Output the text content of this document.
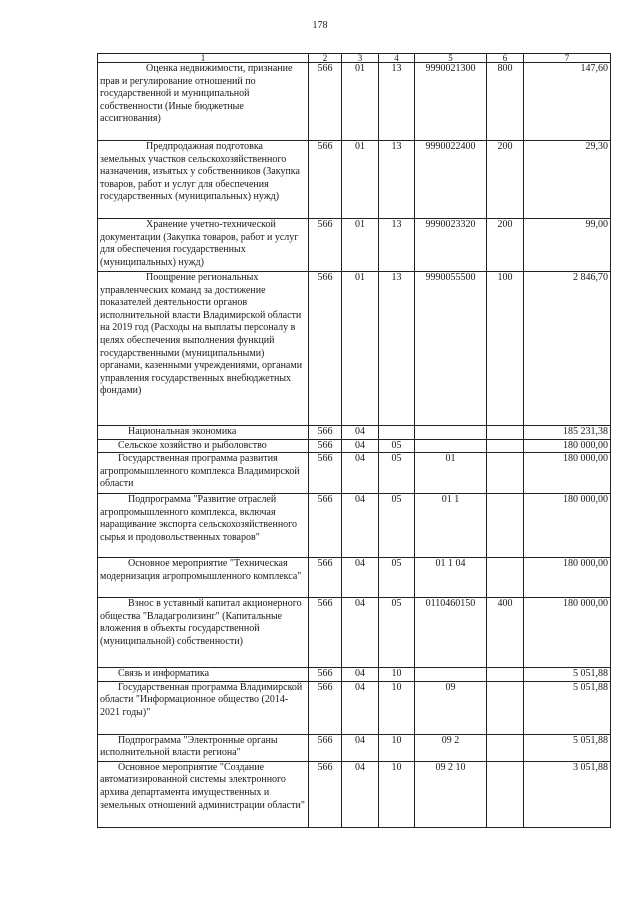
178
1	2	3	4	5	6	7
Оценка недвижимости, признание прав и регулирование отношений по государственной и муниципальной собственности (Иные бюджетные ассигнования)	566	01	13	9990021300	800	147,60
Предпродажная подготовка земельных участков сельскохозяйственного назначения, изъятых у собственников (Закупка товаров, работ и услуг для обеспечения государственных (муниципальных) нужд)	566	01	13	9990022400	200	29,30
Хранение учетно-технической документации (Закупка товаров, работ и услуг для обеспечения государственных (муниципальных) нужд)	566	01	13	9990023320	200	99,00
Поощрение региональных управленческих команд за достижение показателей деятельности органов исполнительной власти Владимирской области на 2019 год (Расходы на выплаты персоналу в целях обеспечения выполнения функций государственными (муниципальными) органами, казенными учреждениями, органами управления государственных внебюджетных фондами)	566	01	13	9990055500	100	2 846,70
Национальная экономика	566	04				185 231,38
Сельское хозяйство и рыболовство	566	04	05			180 000,00
Государственная программа развития агропромышленного комплекса Владимирской области	566	04	05	01		180 000,00
Подпрограмма "Развитие отраслей агропромышленного комплекса, включая наращивание экспорта сельскохозяйственного сырья и продовольственных товаров"	566	04	05	01 1		180 000,00
Основное мероприятие "Техническая модернизация агропромышленного комплекса"	566	04	05	01 1 04		180 000,00
Взнос в уставный капитал акционерного общества "Владагролизинг" (Капитальные вложения в объекты государственной (муниципальной) собственности)	566	04	05	0110460150	400	180 000,00
Связь и информатика	566	04	10			5 051,88
Государственная программа Владимирской области "Информационное общество (2014-2021 годы)"	566	04	10	09		5 051,88
Подпрограмма "Электронные органы исполнительной власти региона"	566	04	10	09 2		5 051,88
Основное мероприятие "Создание автоматизированной системы электронного архива департамента имущественных и земельных отношений администрации области"	566	04	10	09 2 10		3 051,88
